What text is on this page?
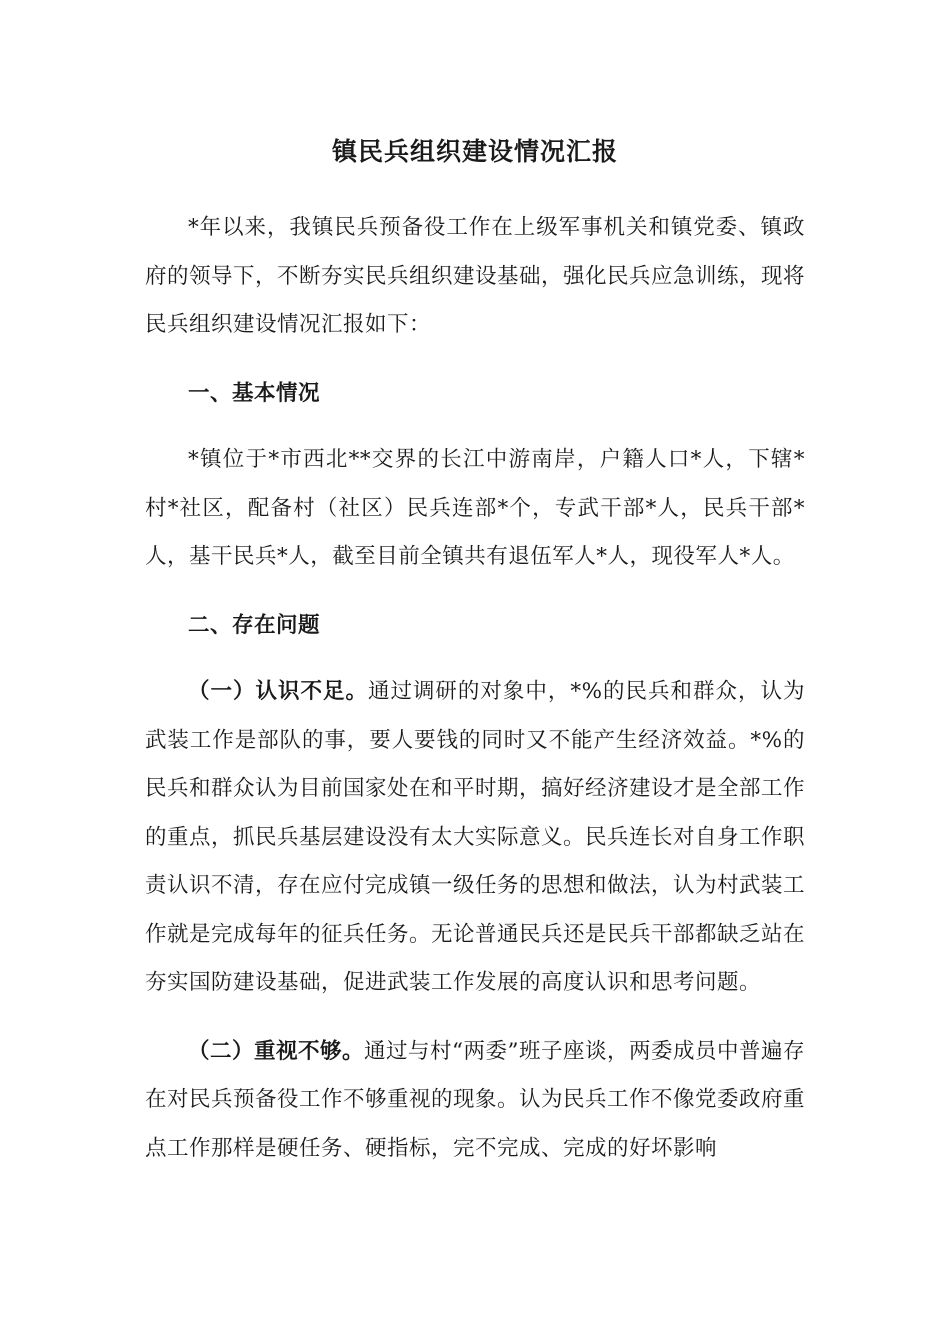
镇民兵组织建设情况汇报

*年以来，我镇民兵预备役工作在上级军事机关和镇党委、镇政府的领导下，不断夯实民兵组织建设基础，强化民兵应急训练，现将民兵组织建设情况汇报如下：

一、基本情况

*镇位于*市西北**交界的长江中游南岸，户籍人口*人，下辖*村*社区，配备村（社区）民兵连部*个，专武干部*人，民兵干部*人，基干民兵*人，截至目前全镇共有退伍军人*人，现役军人*人。

二、存在问题

（一）认识不足。通过调研的对象中，*%的民兵和群众，认为武装工作是部队的事，要人要钱的同时又不能产生经济效益。*%的民兵和群众认为目前国家处在和平时期，搞好经济建设才是全部工作的重点，抓民兵基层建设没有太大实际意义。民兵连长对自身工作职责认识不清，存在应付完成镇一级任务的思想和做法，认为村武装工作就是完成每年的征兵任务。无论普通民兵还是民兵干部都缺乏站在夯实国防建设基础，促进武装工作发展的高度认识和思考问题。

（二）重视不够。通过与村“两委”班子座谈，两委成员中普遍存在对民兵预备役工作不够重视的现象。认为民兵工作不像党委政府重点工作那样是硬任务、硬指标，完不完成、完成的好坏影响
